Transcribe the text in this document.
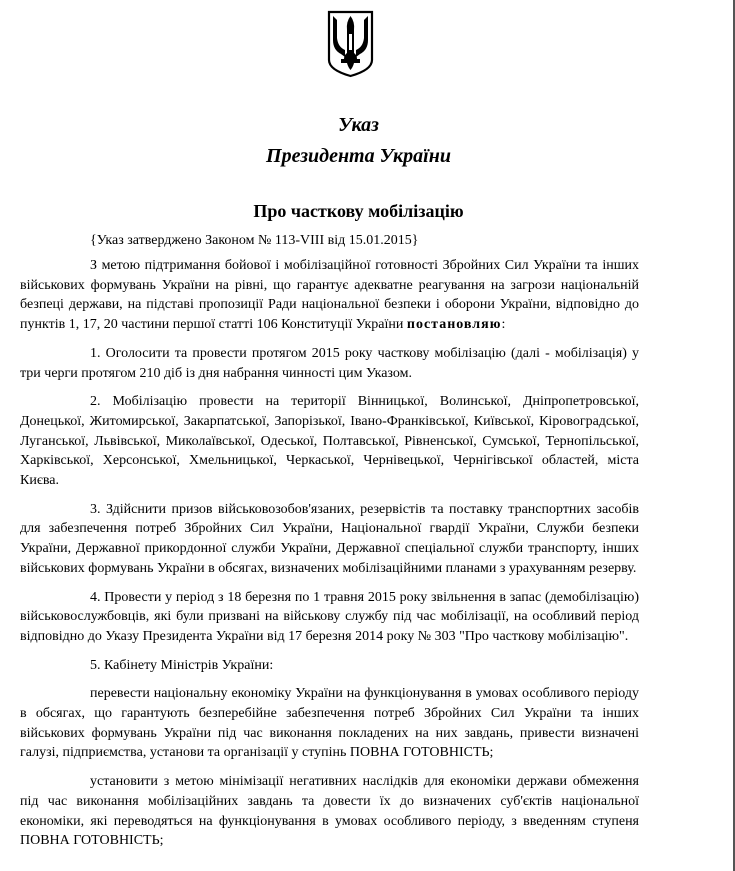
Указ
Президента України
Про часткову мобілізацію
{Указ затверджено Законом № 113-VIII від 15.01.2015}

З метою підтримання бойової і мобілізаційної готовності Збройних Сил України та інших військових формувань України на рівні, що гарантує адекватне реагування на загрози національній безпеці держави, на підставі пропозиції Ради національної безпеки і оборони України, відповідно до пунктів 1, 17, 20 частини першої статті 106 Конституції України постановляю:

1. Оголосити та провести протягом 2015 року часткову мобілізацію (далі - мобілізація) у три черги протягом 210 діб із дня набрання чинності цим Указом.

2. Мобілізацію провести на території Вінницької, Волинської, Дніпропетровської, Донецької, Житомирської, Закарпатської, Запорізької, Івано-Франківської, Київської, Кіровоградської, Луганської, Львівської, Миколаївської, Одеської, Полтавської, Рівненської, Сумської, Тернопільської, Харківської, Херсонської, Хмельницької, Черкаської, Чернівецької, Чернігівської областей, міста Києва.

3. Здійснити призов військовозобов'язаних, резервістів та поставку транспортних засобів для забезпечення потреб Збройних Сил України, Національної гвардії України, Служби безпеки України, Державної прикордонної служби України, Державної спеціальної служби транспорту, інших військових формувань України в обсягах, визначених мобілізаційними планами з урахуванням резерву.

4. Провести у період з 18 березня по 1 травня 2015 року звільнення в запас (демобілізацію) військовослужбовців, які були призвані на військову службу під час мобілізації, на особливий період відповідно до Указу Президента України від 17 березня 2014 року № 303 "Про часткову мобілізацію".

5. Кабінету Міністрів України:

перевести національну економіку України на функціонування в умовах особливого періоду в обсягах, що гарантують безперебійне забезпечення потреб Збройних Сил України та інших військових формувань України під час виконання покладених на них завдань, привести визначені галузі, підприємства, установи та організації у ступінь ПОВНА ГОТОВНІСТЬ;

установити з метою мінімізації негативних наслідків для економіки держави обмеження під час виконання мобілізаційних завдань та довести їх до визначених суб'єктів національної економіки, які переводяться на функціонування в умовах особливого періоду, з введенням ступеня ПОВНА ГОТОВНІСТЬ;
